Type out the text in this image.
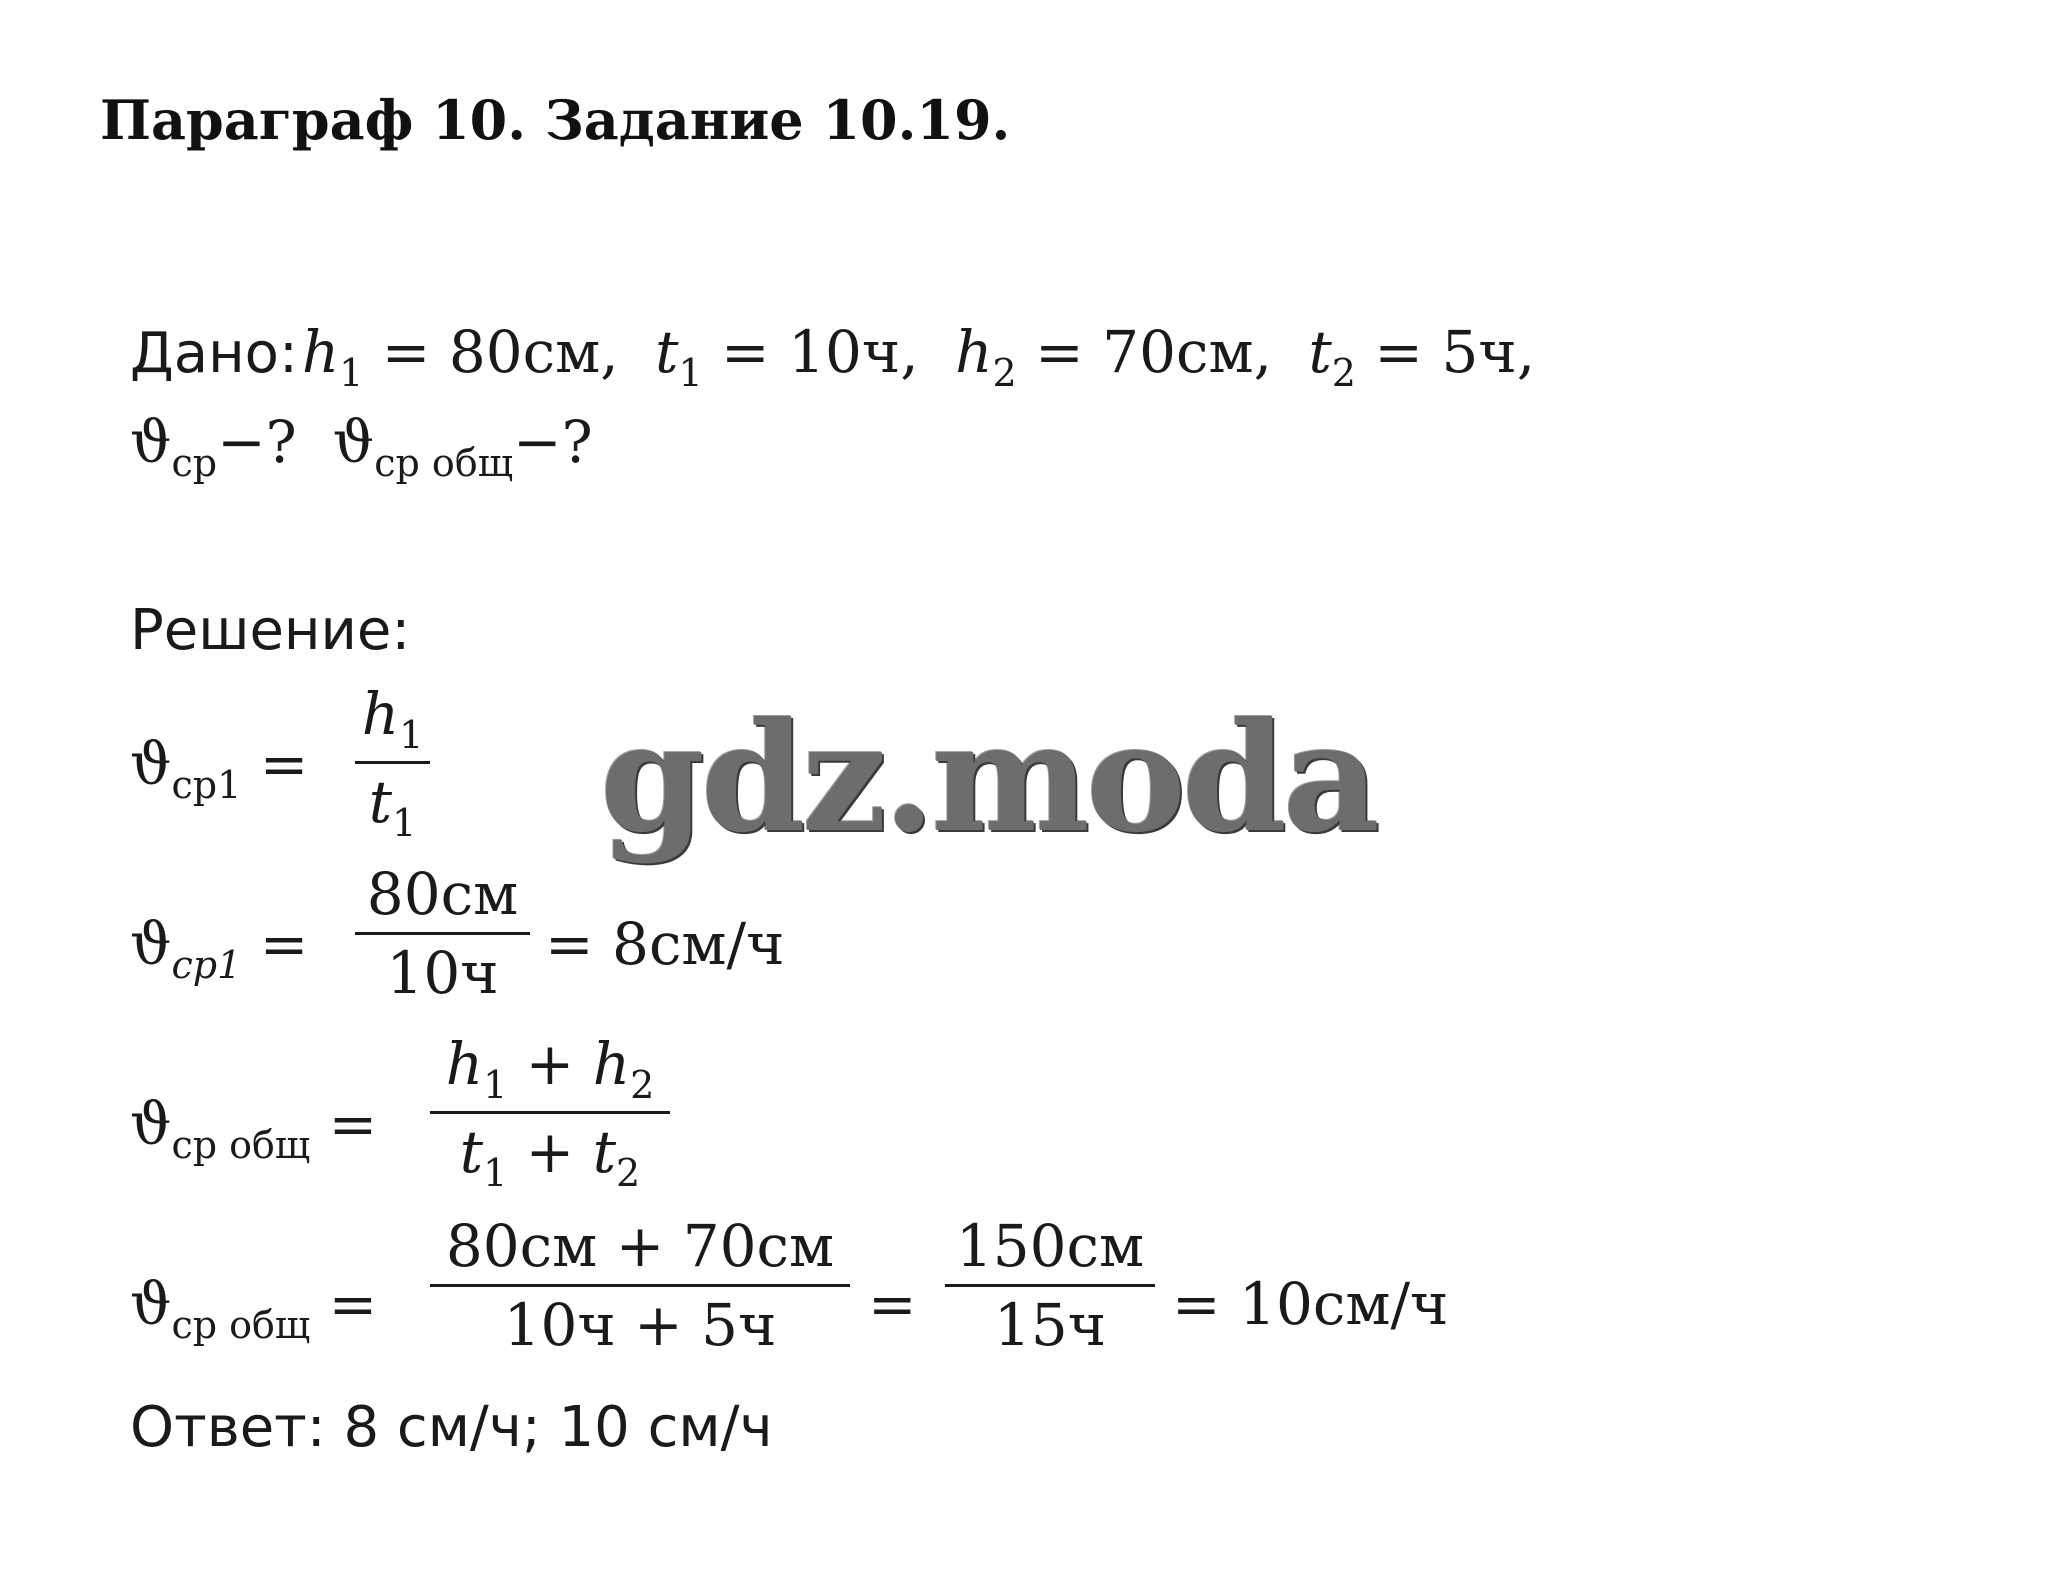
Параграф 10. Задание 10.19.
Дано: $h_1 = 80см$, $t_1 = 10ч$, $h_2 = 70см$, $t_2 = 5ч$,
$ϑ_{ср}-$? $ϑ_{ср общ}-$?
Решение:
$ϑ_{ср1}$ =
$h_1$
$t_1$ gdz.moda
$ϑ_{ср1}$ =
80см
10ч = 8см/ч
$ϑ_{ср общ}$ =
$h_1 + h_2$
$t_1 + t_2$
$ϑ_{ср общ}$ =
80см + 70см
10ч + 5ч	=
150см
15ч	= 10см/ч
Ответ: 8 см/ч; 10 см/ч
